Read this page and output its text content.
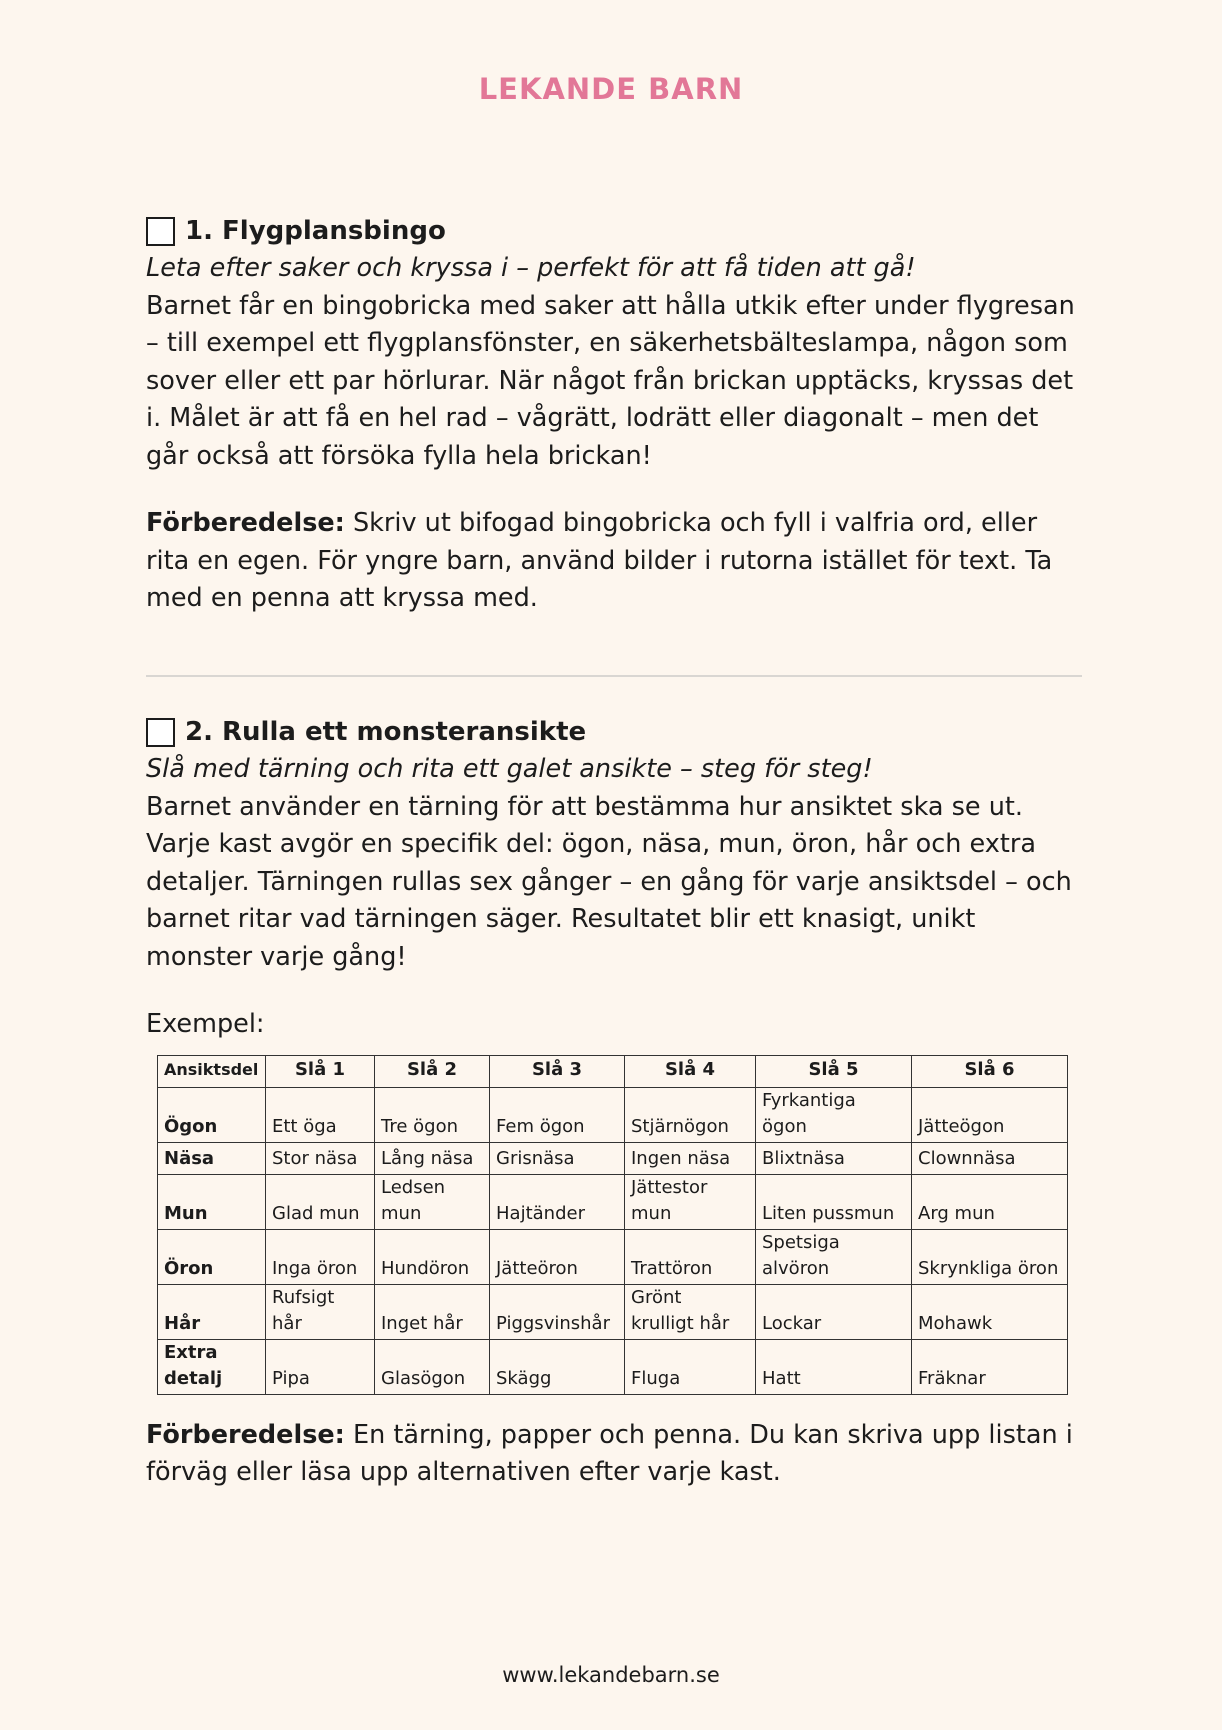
LEKANDE BARN
1. Flygplansbingo
Leta efter saker och kryssa i – perfekt för att få tiden att gå!
Barnet får en bingobricka med saker att hålla utkik efter under flygresan – till exempel ett flygplansfönster, en säkerhetsbälteslampa, någon som sover eller ett par hörlurar. När något från brickan upptäcks, kryssas det i. Målet är att få en hel rad – vågrätt, lodrätt eller diagonalt – men det går också att försöka fylla hela brickan!
Förberedelse: Skriv ut bifogad bingobricka och fyll i valfria ord, eller rita en egen. För yngre barn, använd bilder i rutorna istället för text. Ta med en penna att kryssa med.
2. Rulla ett monsteransikte
Slå med tärning och rita ett galet ansikte – steg för steg!
Barnet använder en tärning för att bestämma hur ansiktet ska se ut. Varje kast avgör en specifik del: ögon, näsa, mun, öron, hår och extra detaljer. Tärningen rullas sex gånger – en gång för varje ansiktsdel – och barnet ritar vad tärningen säger. Resultatet blir ett knasigt, unikt monster varje gång!
Exempel:
Ansiktsdel	Slå 1	Slå 2	Slå 3	Slå 4	Slå 5	Slå 6
Ögon	Ett öga	Tre ögon	Fem ögon	Stjärnögon	Fyrkantiga ögon	Jätteögon
Näsa	Stor näsa	Lång näsa	Grisnäsa	Ingen näsa	Blixtnäsa	Clownnäsa
Mun	Glad mun	Ledsen mun	Hajtänder	Jättestor mun	Liten pussmun	Arg mun
Öron	Inga öron	Hundöron	Jätteöron	Trattöron	Spetsiga alvöron	Skrynkliga öron
Hår	Rufsigt hår	Inget hår	Piggsvinshår	Grönt krulligt hår	Lockar	Mohawk
Extra detalj	Pipa	Glasögon	Skägg	Fluga	Hatt	Fräknar
Förberedelse: En tärning, papper och penna. Du kan skriva upp listan i förväg eller läsa upp alternativen efter varje kast.
www.lekandebarn.se
